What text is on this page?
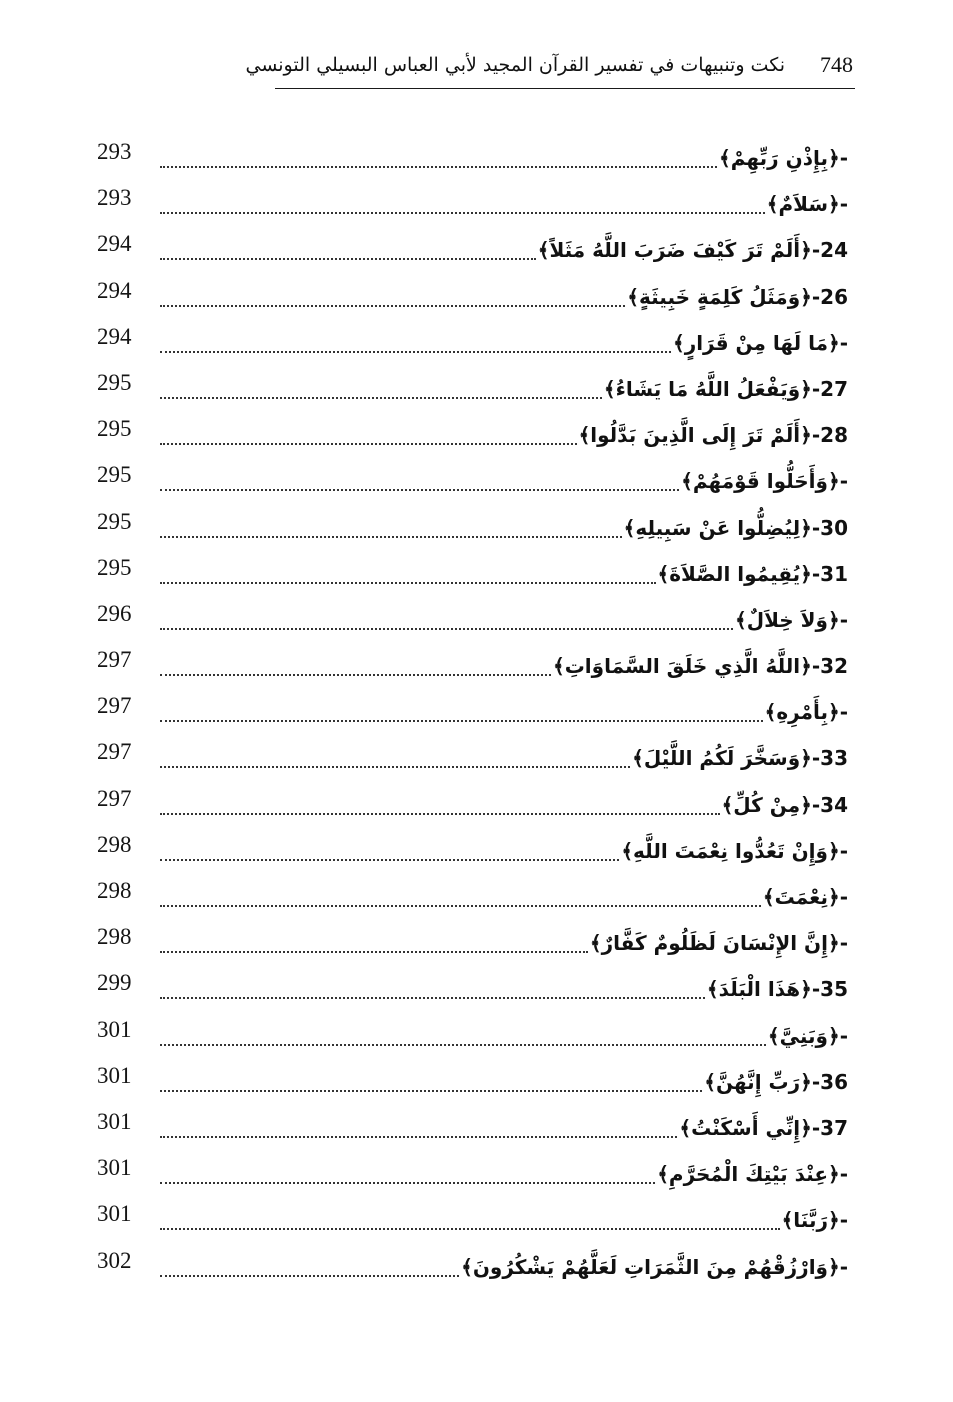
نكت وتنبيهات في تفسير القرآن المجيد لأبي العباس البسيلي التونسي 748
293	-﴿بِإِذْنِ رَبِّهِمْ﴾
293	-﴿سَلاَمٌ﴾
294	24-﴿أَلَمْ تَرَ كَيْفَ ضَرَبَ اللَّهُ مَثَلاً﴾
294	26-﴿وَمَثَلُ كَلِمَةٍ خَبِيثَةٍ﴾
294	-﴿مَا لَهَا مِنْ قَرَارٍ﴾
295	27-﴿وَيَفْعَلُ اللَّهُ مَا يَشَاءُ﴾
295	28-﴿أَلَمْ تَرَ إِلَى الَّذِينَ بَدَّلُوا﴾
295	-﴿وَأَحَلُّوا قَوْمَهُمْ﴾
295	30-﴿لِيُضِلُّوا عَنْ سَبِيلِهِ﴾
295	31-﴿يُقِيمُوا الصَّلاَةَ﴾
296	-﴿وَلاَ خِلاَلٌ﴾
297	32-﴿اللَّهُ الَّذِي خَلَقَ السَّمَاوَاتِ﴾
297	-﴿بِأَمْرِهِ﴾
297	33-﴿وَسَخَّرَ لَكُمُ اللَّيْلَ﴾
297	34-﴿مِنْ كُلِّ﴾
298	-﴿وَإِنْ تَعُدُّوا نِعْمَتَ اللَّهِ﴾
298	-﴿نِعْمَتَ﴾
298	-﴿إِنَّ الإِنْسَانَ لَظَلُومٌ كَفَّارٌ﴾
299	35-﴿هَذَا الْبَلَدَ﴾
301	-﴿وَبَنِيَّ﴾
301	36-﴿رَبِّ إِنَّهُنَّ﴾
301	37-﴿إِنِّي أَسْكَنْتُ﴾
301	-﴿عِنْدَ بَيْتِكَ الْمُحَرَّمِ﴾
301	-﴿رَبَّنَا﴾
302	-﴿وَارْزُقْهُمْ مِنَ الثَّمَرَاتِ لَعَلَّهُمْ يَشْكُرُونَ﴾
